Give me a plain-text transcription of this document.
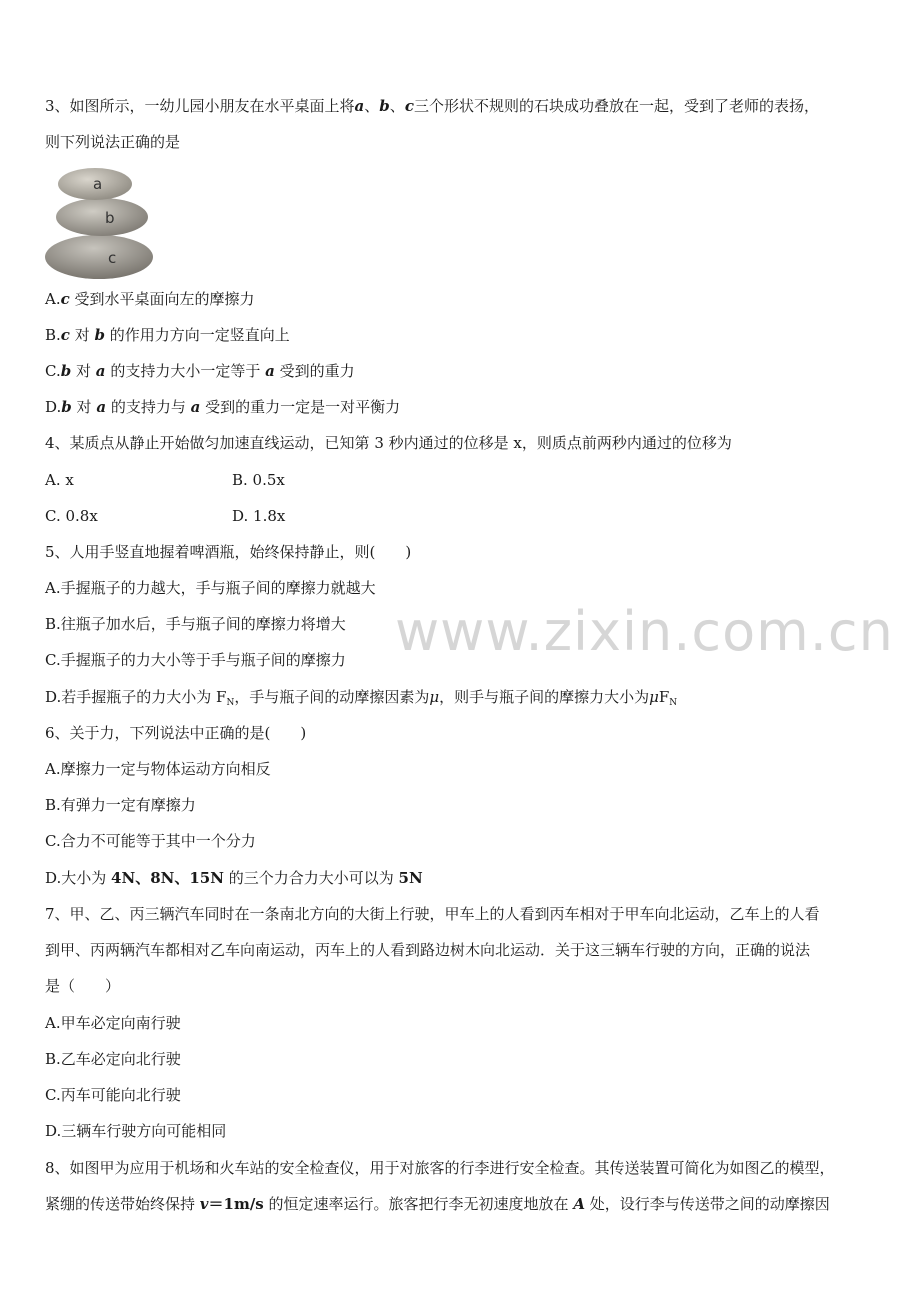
www.zixin.com.cn
3、如图所示，一幼儿园小朋友在水平桌面上将a、b、c三个形状不规则的石块成功叠放在一起，受到了老师的表扬，
则下列说法正确的是
a
b
c
A.c 受到水平桌面向左的摩擦力
B.c 对 b 的作用力方向一定竖直向上
C.b 对 a 的支持力大小一定等于 a 受到的重力
D.b 对 a 的支持力与 a 受到的重力一定是一对平衡力
4、某质点从静止开始做匀加速直线运动，已知第 3 秒内通过的位移是 x，则质点前两秒内通过的位移为
A. x	B. 0.5x
C. 0.8x	D. 1.8x
5、人用手竖直地握着啤酒瓶，始终保持静止，则(　　)
A.手握瓶子的力越大，手与瓶子间的摩擦力就越大
B.往瓶子加水后，手与瓶子间的摩擦力将增大
C.手握瓶子的力大小等于手与瓶子间的摩擦力
D.若手握瓶子的力大小为 $F_N$，手与瓶子间的动摩擦因素为μ，则手与瓶子间的摩擦力大小为$\mu F_N$
6、关于力，下列说法中正确的是(　　)
A.摩擦力一定与物体运动方向相反
B.有弹力一定有摩擦力
C.合力不可能等于其中一个分力
D.大小为 4N、8N、15N 的三个力合力大小可以为 5N
7、甲、乙、丙三辆汽车同时在一条南北方向的大街上行驶，甲车上的人看到丙车相对于甲车向北运动，乙车上的人看
到甲、丙两辆汽车都相对乙车向南运动，丙车上的人看到路边树木向北运动．关于这三辆车行驶的方向，正确的说法
是（　　）
A.甲车必定向南行驶
B.乙车必定向北行驶
C.丙车可能向北行驶
D.三辆车行驶方向可能相同
8、如图甲为应用于机场和火车站的安全检查仪，用于对旅客的行李进行安全检查。其传送装置可简化为如图乙的模型，
紧绷的传送带始终保持 v＝1m/s 的恒定速率运行。旅客把行李无初速度地放在 A 处，设行李与传送带之间的动摩擦因
